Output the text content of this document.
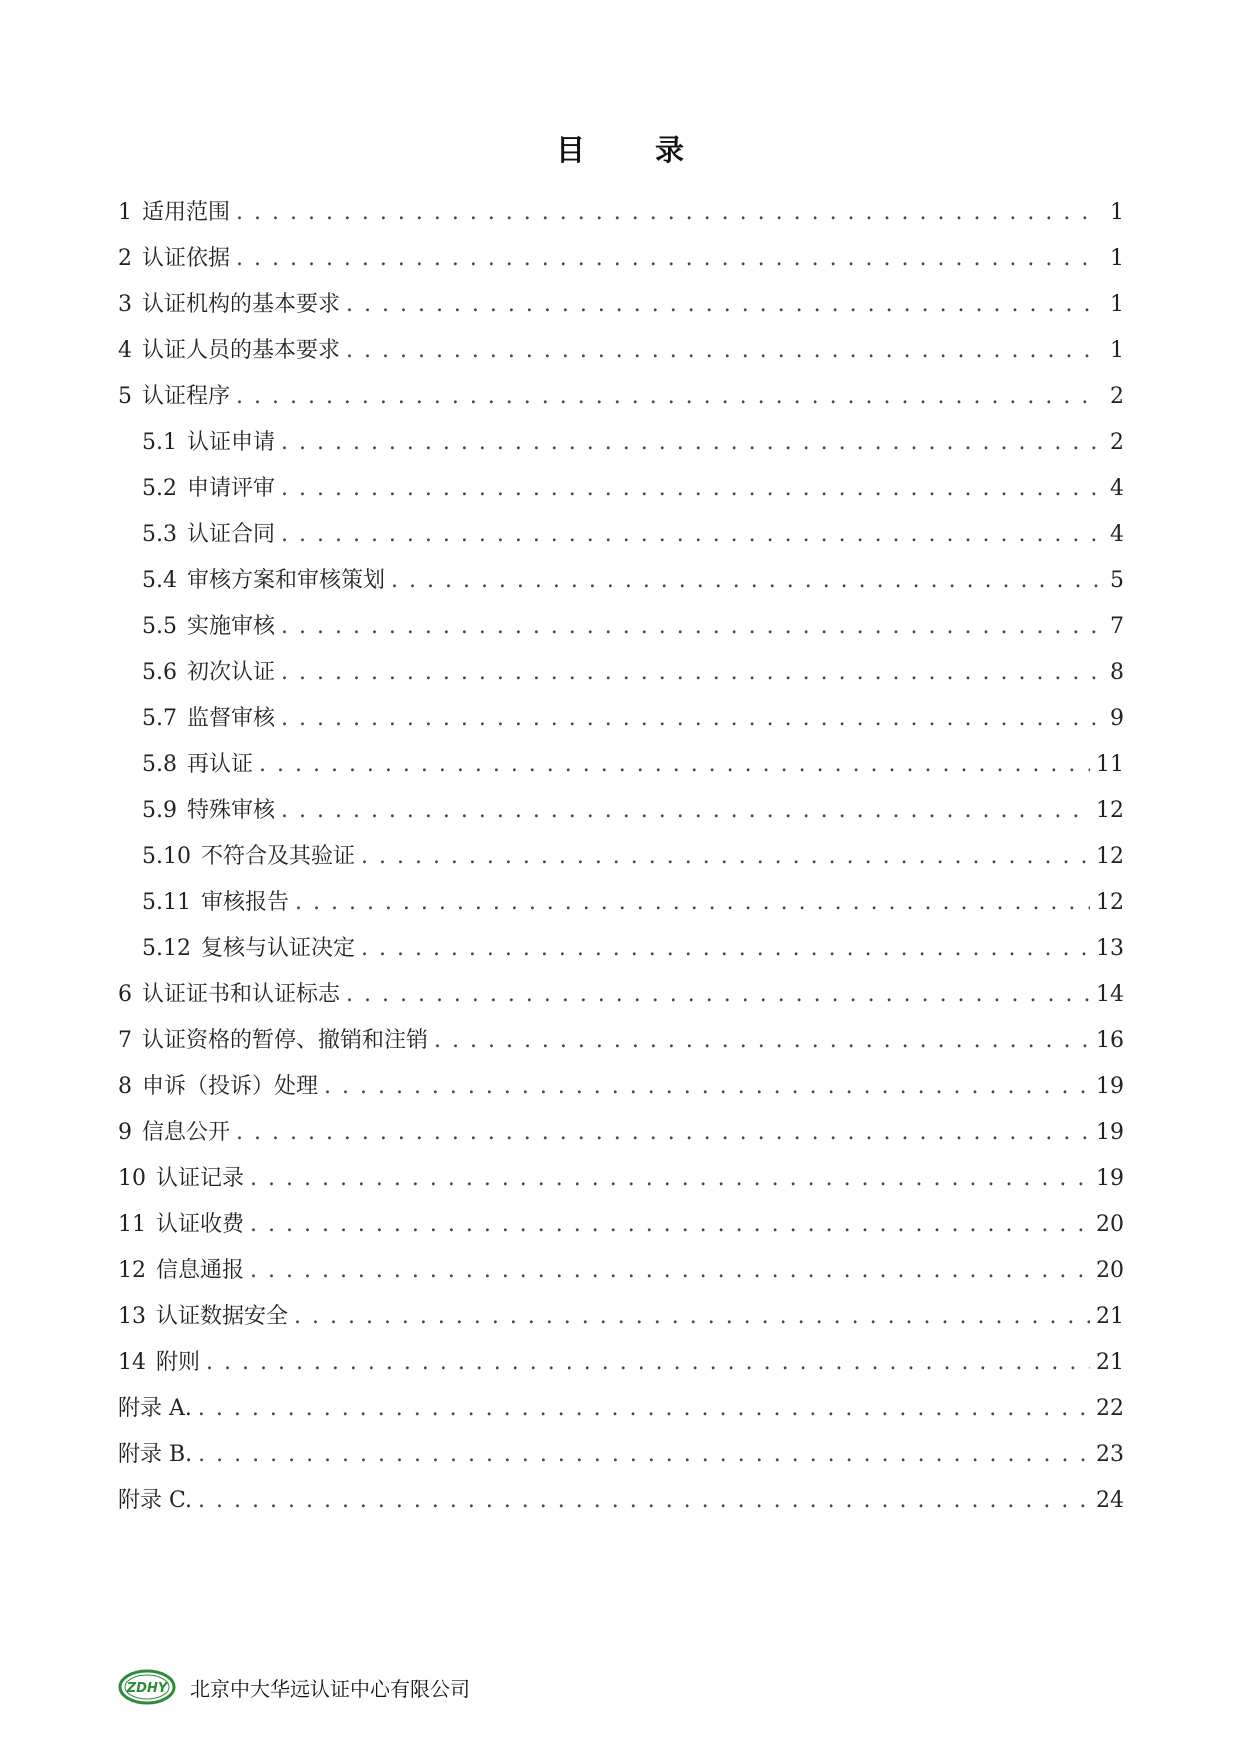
目 录
1 适用范围 . . .	1
2 认证依据 . . .	1
3 认证机构的基本要求 . . .	1
4 认证人员的基本要求 . . .	1
5 认证程序 . . .	2
5.1 认证申请 . . .	2
5.2 申请评审 . . .	4
5.3 认证合同 . . .	4
5.4 审核方案和审核策划 . . .	5
5.5 实施审核 . . .	7
5.6 初次认证 . . .	8
5.7 监督审核 . . .	9
5.8 再认证 . . .	11
5.9 特殊审核 . . .	12
5.10 不符合及其验证 . . .	12
5.11 审核报告 . . .	12
5.12 复核与认证决定 . . .	13
6 认证证书和认证标志 . . .	14
7 认证资格的暂停、撤销和注销 . . .	16
8 申诉（投诉）处理 . . .	19
9 信息公开 . . .	19
10 认证记录 . . .	19
11 认证收费 . . .	20
12 信息通报 . . .	20
13 认证数据安全 . . .	21
14 附则 . . .	21
附录 A. . . .	22
附录 B. . . .	23
附录 C. . . .	24
ZDHY 北京中大华远认证中心有限公司
